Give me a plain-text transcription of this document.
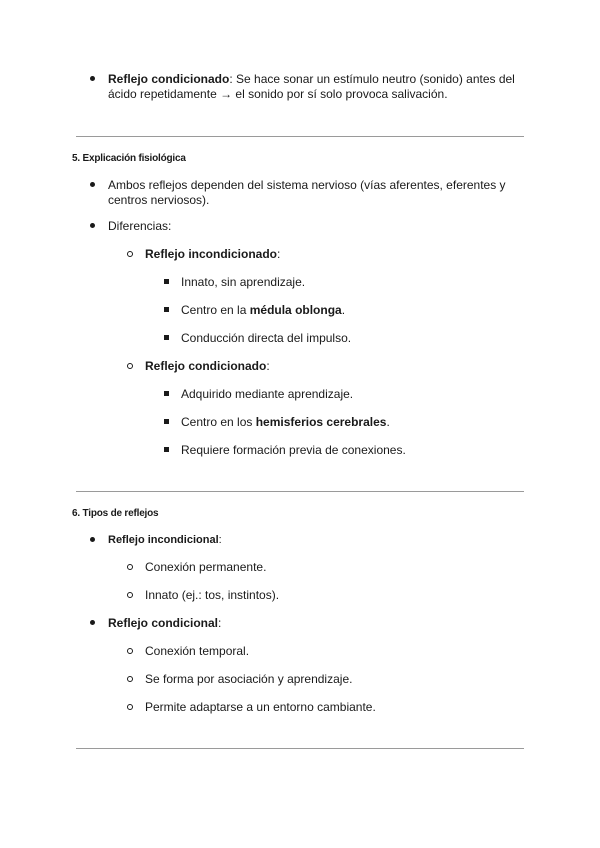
Reflejo condicionado: Se hace sonar un estímulo neutro (sonido) antes del
ácido repetidamente → el sonido por sí solo provoca salivación.
5. Explicación fisiológica
Ambos reflejos dependen del sistema nervioso (vías aferentes, eferentes y
centros nerviosos).
Diferencias:
Reflejo incondicionado:
Innato, sin aprendizaje.
Centro en la médula oblonga.
Conducción directa del impulso.
Reflejo condicionado:
Adquirido mediante aprendizaje.
Centro en los hemisferios cerebrales.
Requiere formación previa de conexiones.
6. Tipos de reflejos
Reflejo incondicional:
Conexión permanente.
Innato (ej.: tos, instintos).
Reflejo condicional:
Conexión temporal.
Se forma por asociación y aprendizaje.
Permite adaptarse a un entorno cambiante.
